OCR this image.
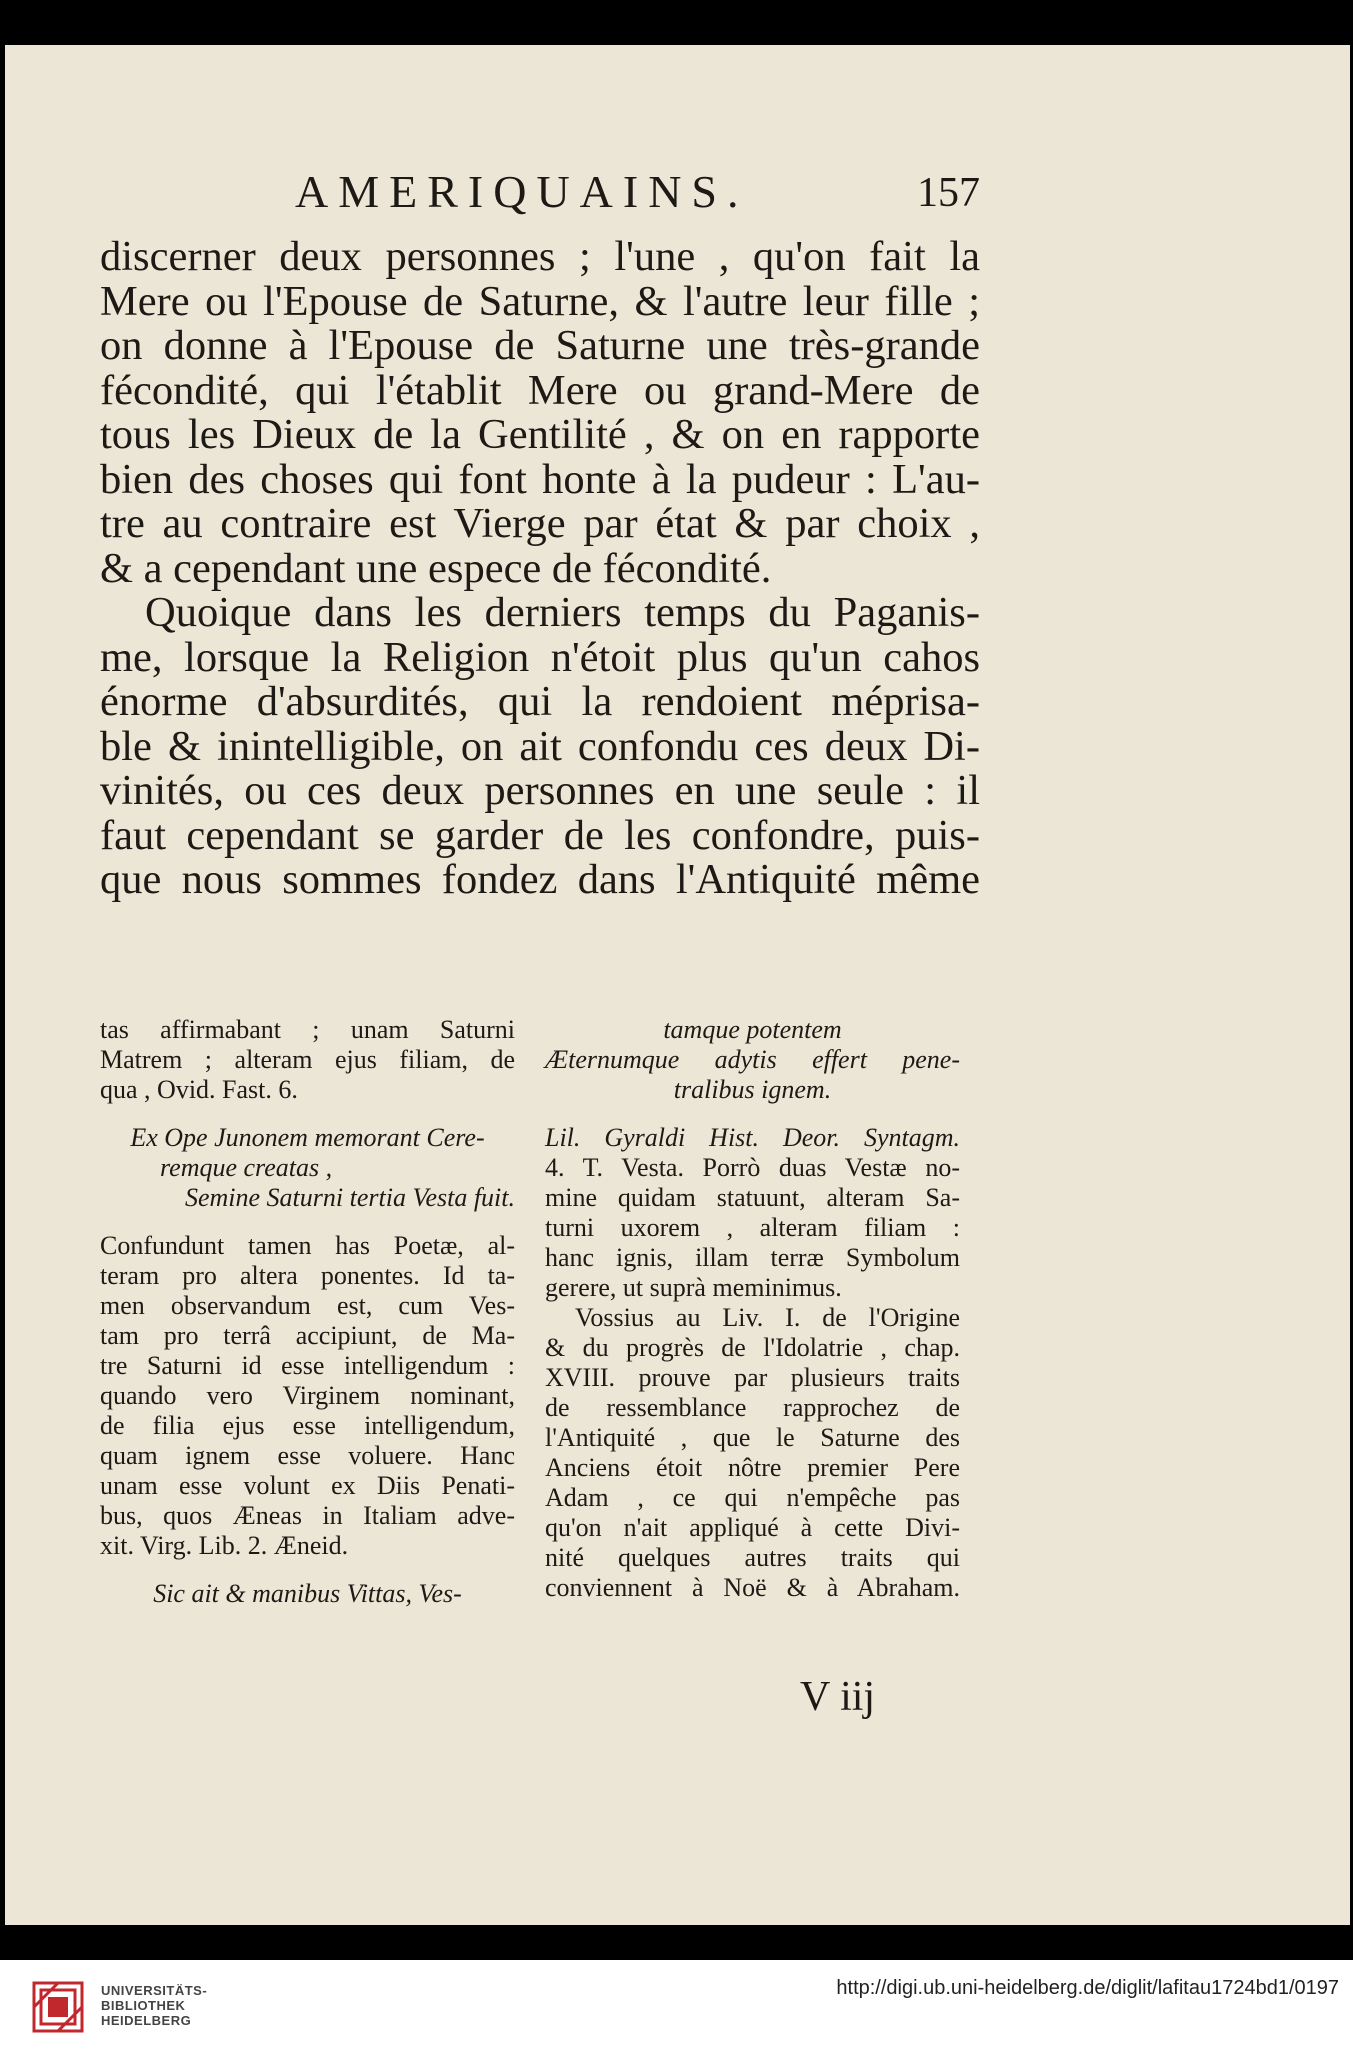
AMERIQUAINS.	157
discerner deux personnes ; l'une , qu'on fait la
Mere ou l'Epouse de Saturne, & l'autre leur fille ;
on donne à l'Epouse de Saturne une très-grande
fécondité, qui l'établit Mere ou grand-Mere de
tous les Dieux de la Gentilité , & on en rapporte
bien des choses qui font honte à la pudeur : L'au-
tre au contraire est Vierge par état & par choix ,
& a cependant une espece de fécondité.
Quoique dans les derniers temps du Paganis-
me, lorsque la Religion n'étoit plus qu'un cahos
énorme d'absurdités, qui la rendoient méprisa-
ble & inintelligible, on ait confondu ces deux Di-
vinités, ou ces deux personnes en une seule : il
faut cependant se garder de les confondre, puis-
que nous sommes fondez dans l'Antiquité même
tas affirmabant ; unam Saturni
Matrem ; alteram ejus filiam, de
qua , Ovid. Fast. 6.
Ex Ope Junonem memorant Cere-
remque creatas ,
Semine Saturni tertia Vesta fuit.
Confundunt tamen has Poetæ, al-
teram pro altera ponentes. Id ta-
men observandum est, cum Ves-
tam pro terrâ accipiunt, de Ma-
tre Saturni id esse intelligendum :
quando vero Virginem nominant,
de filia ejus esse intelligendum,
quam ignem esse voluere. Hanc
unam esse volunt ex Diis Penati-
bus, quos Æneas in Italiam adve-
xit. Virg. Lib. 2. Æneid.
Sic ait & manibus Vittas, Ves-
tamque potentem
Æternumque adytis effert pene-
tralibus ignem.
Lil. Gyraldi Hist. Deor. Syntagm.
4. T. Vesta. Porrò duas Vestæ no-
mine quidam statuunt, alteram Sa-
turni uxorem , alteram filiam :
hanc ignis, illam terræ Symbolum
gerere, ut suprà meminimus.
Vossius au Liv. I. de l'Origine
& du progrès de l'Idolatrie , chap.
XVIII. prouve par plusieurs traits
de ressemblance rapprochez de
l'Antiquité , que le Saturne des
Anciens étoit nôtre premier Pere
Adam , ce qui n'empêche pas
qu'on n'ait appliqué à cette Divi-
nité quelques autres traits qui
conviennent à Noë & à Abraham.
V iij
UNIVERSITÄTS-
BIBLIOTHEK
HEIDELBERG
http://digi.ub.uni-heidelberg.de/diglit/lafitau1724bd1/0197
